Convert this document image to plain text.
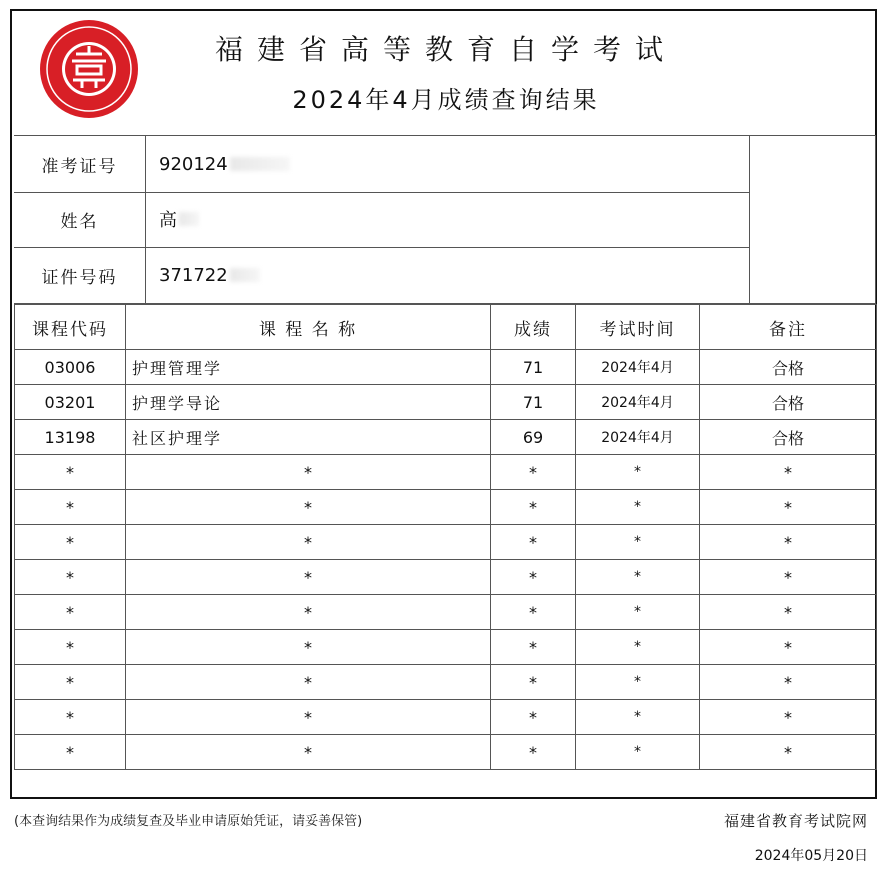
福建省高等教育自学考试
2024年4月成绩查询结果
准考证号	920124
姓名	高
证件号码	371722
课程代码	课 程 名 称	成绩	考试时间	备注
03006	护理管理学	71	2024年4月	合格
03201	护理学导论	71	2024年4月	合格
13198	社区护理学	69	2024年4月	合格
*	*	*	*	*
*	*	*	*	*
*	*	*	*	*
*	*	*	*	*
*	*	*	*	*
*	*	*	*	*
*	*	*	*	*
*	*	*	*	*
*	*	*	*	*
(本查询结果作为成绩复查及毕业申请原始凭证，请妥善保管)	福建省教育考试院网
2024年05月20日
